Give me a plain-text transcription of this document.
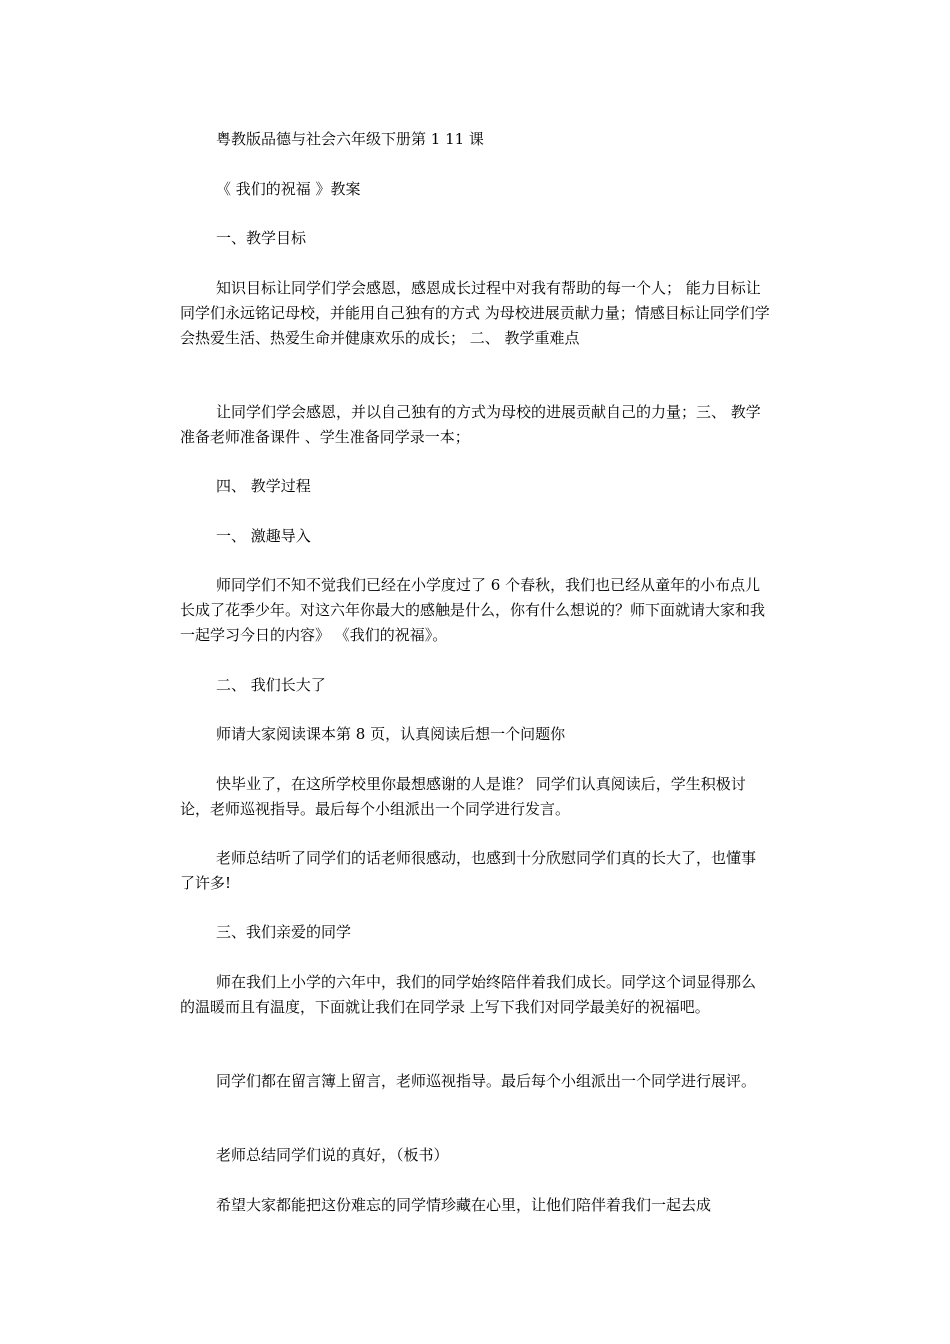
粤教版品德与社会六年级下册第 1 11 课

《 我们的祝福 》教案

一、教学目标

知识目标让同学们学会感恩，感恩成长过程中对我有帮助的每一个人； 能力目标让同学们永远铭记母校，并能用自己独有的方式 为母校进展贡献力量；情感目标让同学们学会热爱生活、热爱生命并健康欢乐的成长； 二、 教学重难点

让同学们学会感恩，并以自己独有的方式为母校的进展贡献自己的力量；三、 教学准备老师准备课件 、学生准备同学录一本；

四、 教学过程

一、 激趣导入

师同学们不知不觉我们已经在小学度过了 6 个春秋，我们也已经从童年的小布点儿长成了花季少年。对这六年你最大的感触是什么，你有什么想说的？师下面就请大家和我一起学习今日的内容》 《我们的祝福》。

二、 我们长大了

师请大家阅读课本第 8 页，认真阅读后想一个问题你

快毕业了，在这所学校里你最想感谢的人是谁？ 同学们认真阅读后，学生积极讨论，老师巡视指导。最后每个小组派出一个同学进行发言。

老师总结听了同学们的话老师很感动，也感到十分欣慰同学们真的长大了，也懂事了许多!

三、我们亲爱的同学

师在我们上小学的六年中，我们的同学始终陪伴着我们成长。同学这个词显得那么的温暖而且有温度，下面就让我们在同学录 上写下我们对同学最美好的祝福吧。

同学们都在留言簿上留言，老师巡视指导。最后每个小组派出一个同学进行展评。

老师总结同学们说的真好，（板书）

希望大家都能把这份难忘的同学情珍藏在心里，让他们陪伴着我们一起去成
